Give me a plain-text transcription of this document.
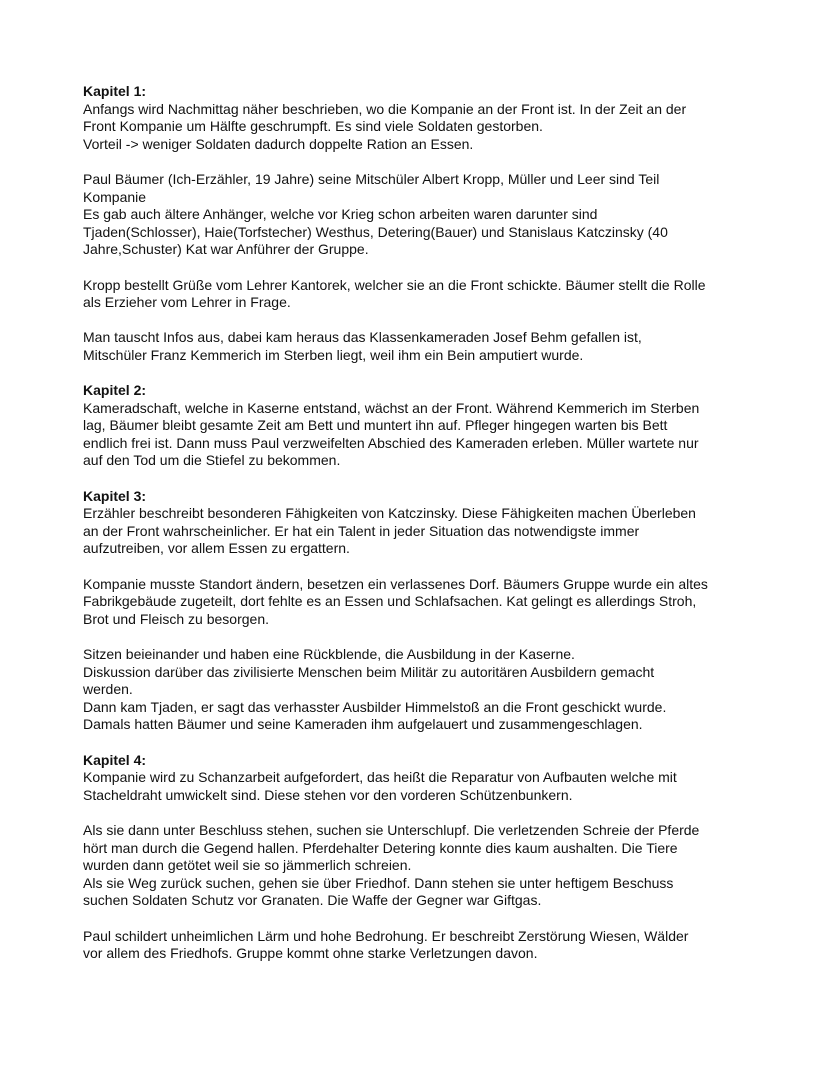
Kapitel 1:

Anfangs wird Nachmittag näher beschrieben, wo die Kompanie an der Front ist. In der Zeit an der
Front Kompanie um Hälfte geschrumpft. Es sind viele Soldaten gestorben.
Vorteil -> weniger Soldaten dadurch doppelte Ration an Essen.

Paul Bäumer (Ich-Erzähler, 19 Jahre) seine Mitschüler Albert Kropp, Müller und Leer sind Teil
Kompanie
Es gab auch ältere Anhänger, welche vor Krieg schon arbeiten waren darunter sind
Tjaden(Schlosser), Haie(Torfstecher) Westhus, Detering(Bauer) und Stanislaus Katczinsky (40
Jahre,Schuster) Kat war Anführer der Gruppe.

Kropp bestellt Grüße vom Lehrer Kantorek, welcher sie an die Front schickte. Bäumer stellt die Rolle
als Erzieher vom Lehrer in Frage.

Man tauscht Infos aus, dabei kam heraus das Klassenkameraden Josef Behm gefallen ist,
Mitschüler Franz Kemmerich im Sterben liegt, weil ihm ein Bein amputiert wurde.

Kapitel 2:

Kameradschaft, welche in Kaserne entstand, wächst an der Front. Während Kemmerich im Sterben
lag, Bäumer bleibt gesamte Zeit am Bett und muntert ihn auf. Pfleger hingegen warten bis Bett
endlich frei ist. Dann muss Paul verzweifelten Abschied des Kameraden erleben. Müller wartete nur
auf den Tod um die Stiefel zu bekommen.

Kapitel 3:

Erzähler beschreibt besonderen Fähigkeiten von Katczinsky. Diese Fähigkeiten machen Überleben
an der Front wahrscheinlicher. Er hat ein Talent in jeder Situation das notwendigste immer
aufzutreiben, vor allem Essen zu ergattern.

Kompanie musste Standort ändern, besetzen ein verlassenes Dorf. Bäumers Gruppe wurde ein altes
Fabrikgebäude zugeteilt, dort fehlte es an Essen und Schlafsachen. Kat gelingt es allerdings Stroh,
Brot und Fleisch zu besorgen.

Sitzen beieinander und haben eine Rückblende, die Ausbildung in der Kaserne.
Diskussion darüber das zivilisierte Menschen beim Militär zu autoritären Ausbildern gemacht
werden.
Dann kam Tjaden, er sagt das verhasster Ausbilder Himmelstoß an die Front geschickt wurde.
Damals hatten Bäumer und seine Kameraden ihm aufgelauert und zusammengeschlagen.

Kapitel 4:

Kompanie wird zu Schanzarbeit aufgefordert, das heißt die Reparatur von Aufbauten welche mit
Stacheldraht umwickelt sind. Diese stehen vor den vorderen Schützenbunkern.

Als sie dann unter Beschluss stehen, suchen sie Unterschlupf. Die verletzenden Schreie der Pferde
hört man durch die Gegend hallen. Pferdehalter Detering konnte dies kaum aushalten. Die Tiere
wurden dann getötet weil sie so jämmerlich schreien.
Als sie Weg zurück suchen, gehen sie über Friedhof. Dann stehen sie unter heftigem Beschuss
suchen Soldaten Schutz vor Granaten. Die Waffe der Gegner war Giftgas.

Paul schildert unheimlichen Lärm und hohe Bedrohung. Er beschreibt Zerstörung Wiesen, Wälder
vor allem des Friedhofs. Gruppe kommt ohne starke Verletzungen davon.
